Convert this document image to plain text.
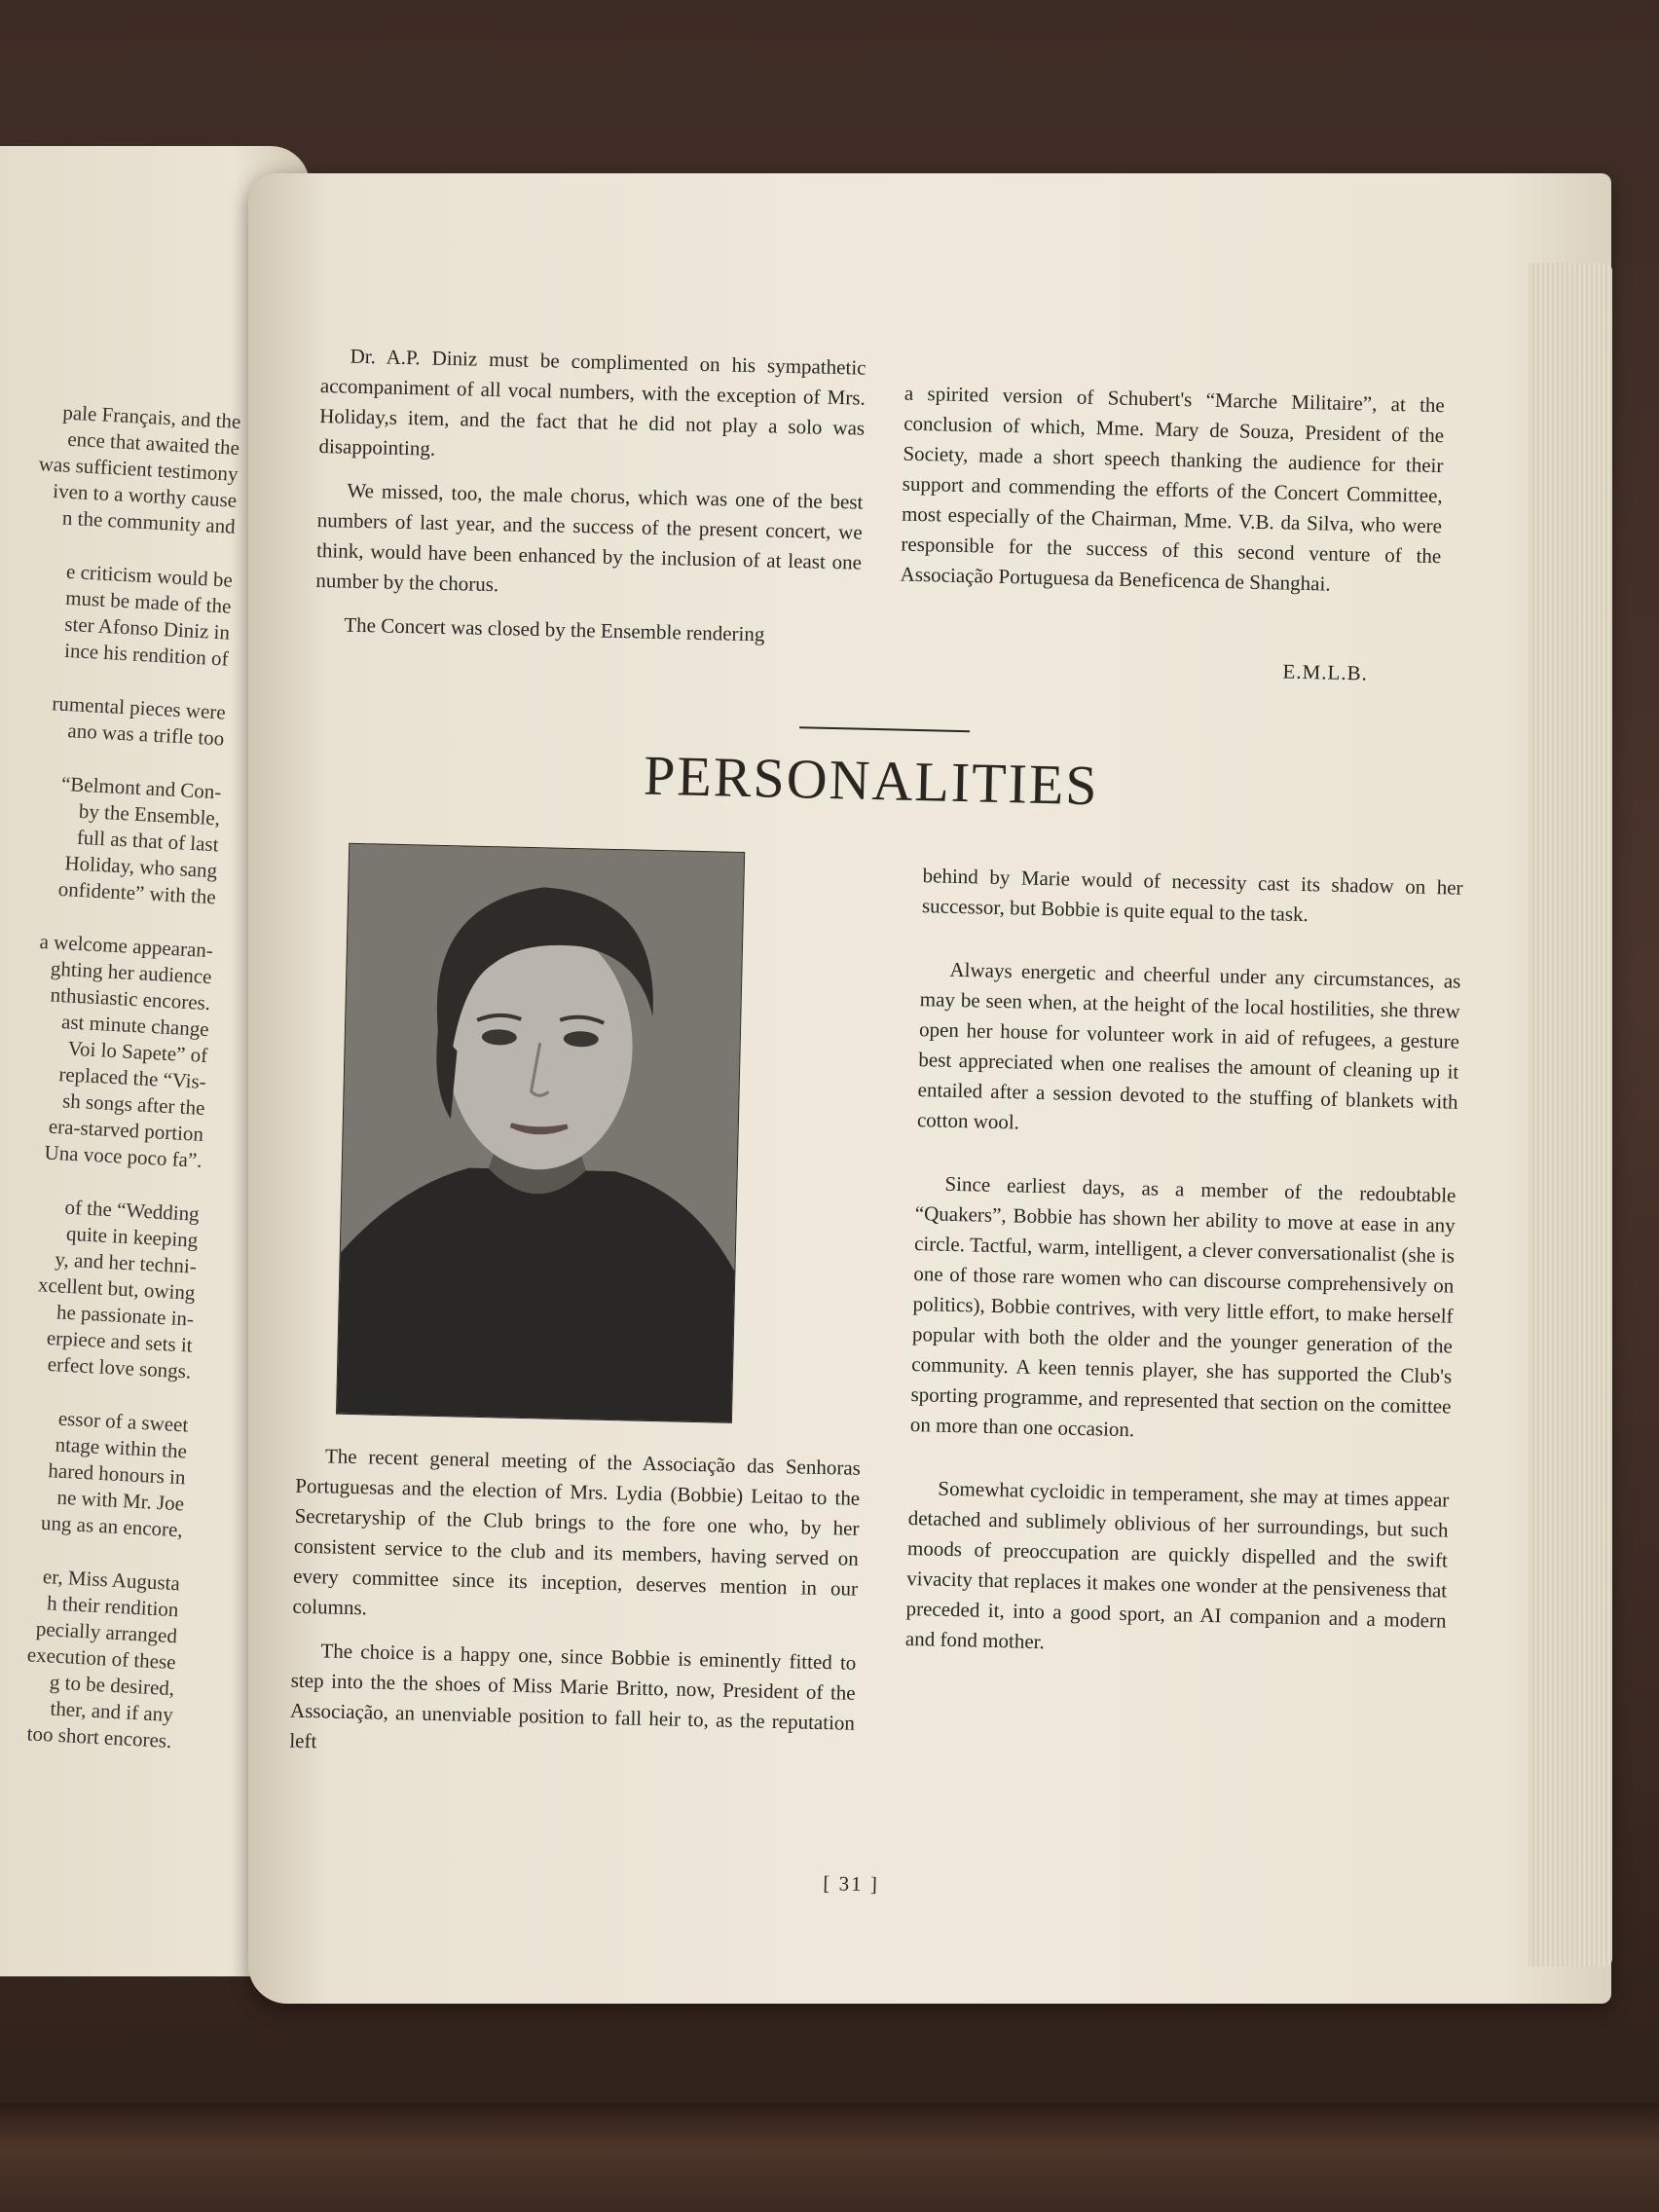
pale Français, and the
ence that awaited the
was sufficient testimony
iven to a worthy cause
n the community and

e criticism would be
must be made of the
ster Afonso Diniz in
ince his rendition of

rumental pieces were
ano was a trifle too

“Belmont and Con-
by the Ensemble,
full as that of last
Holiday, who sang
onfidente” with the

a welcome appearan-
ghting her audience
nthusiastic encores.
ast minute change
Voi lo Sapete” of
replaced the “Vis-
sh songs after the
era-starved portion
Una voce poco fa”.

of the “Wedding
quite in keeping
y, and her techni-
xcellent but, owing
he passionate in-
erpiece and sets it
erfect love songs.

essor of a sweet
ntage within the
hared honours in
ne with Mr. Joe
ung as an encore,

er, Miss Augusta
h their rendition
pecially arranged
execution of these
g to be desired,
ther, and if any
too short encores.

Dr. A.P. Diniz must be complimented on his sympathetic accompaniment of all vocal numbers, with the exception of Mrs. Holiday,s item, and the fact that he did not play a solo was disappointing.

We missed, too, the male chorus, which was one of the best numbers of last year, and the success of the present concert, we think, would have been enhanced by the inclusion of at least one number by the chorus.

The Concert was closed by the Ensemble rendering

a spirited version of Schubert's “Marche Militaire”, at the conclusion of which, Mme. Mary de Souza, President of the Society, made a short speech thanking the audience for their support and commending the efforts of the Concert Committee, most especially of the Chairman, Mme. V.B. da Silva, who were responsible for the success of this second venture of the Associação Portuguesa da Beneficenca de Shanghai.

E.M.L.B.
PERSONALITIES

The recent general meeting of the Associação das Senhoras Portuguesas and the election of Mrs. Lydia (Bobbie) Leitao to the Secretaryship of the Club brings to the fore one who, by her consistent service to the club and its members, having served on every committee since its inception, deserves mention in our columns.

The choice is a happy one, since Bobbie is eminently fitted to step into the the shoes of Miss Marie Britto, now, President of the Associação, an unenviable position to fall heir to, as the reputation left

behind by Marie would of necessity cast its shadow on her successor, but Bobbie is quite equal to the task.

Always energetic and cheerful under any circumstances, as may be seen when, at the height of the local hostilities, she threw open her house for volunteer work in aid of refugees, a gesture best appreciated when one realises the amount of cleaning up it entailed after a session devoted to the stuffing of blankets with cotton wool.

Since earliest days, as a member of the redoubtable “Quakers”, Bobbie has shown her ability to move at ease in any circle. Tactful, warm, intelligent, a clever conversationalist (she is one of those rare women who can discourse comprehensively on politics), Bobbie contrives, with very little effort, to make herself popular with both the older and the younger generation of the community. A keen tennis player, she has supported the Club's sporting programme, and represented that section on the comittee on more than one occasion.

Somewhat cycloidic in temperament, she may at times appear detached and sublimely oblivious of her surroundings, but such moods of preoccupation are quickly dispelled and the swift vivacity that replaces it makes one wonder at the pensiveness that preceded it, into a good sport, an AI companion and a modern and fond mother.

[ 31 ]
